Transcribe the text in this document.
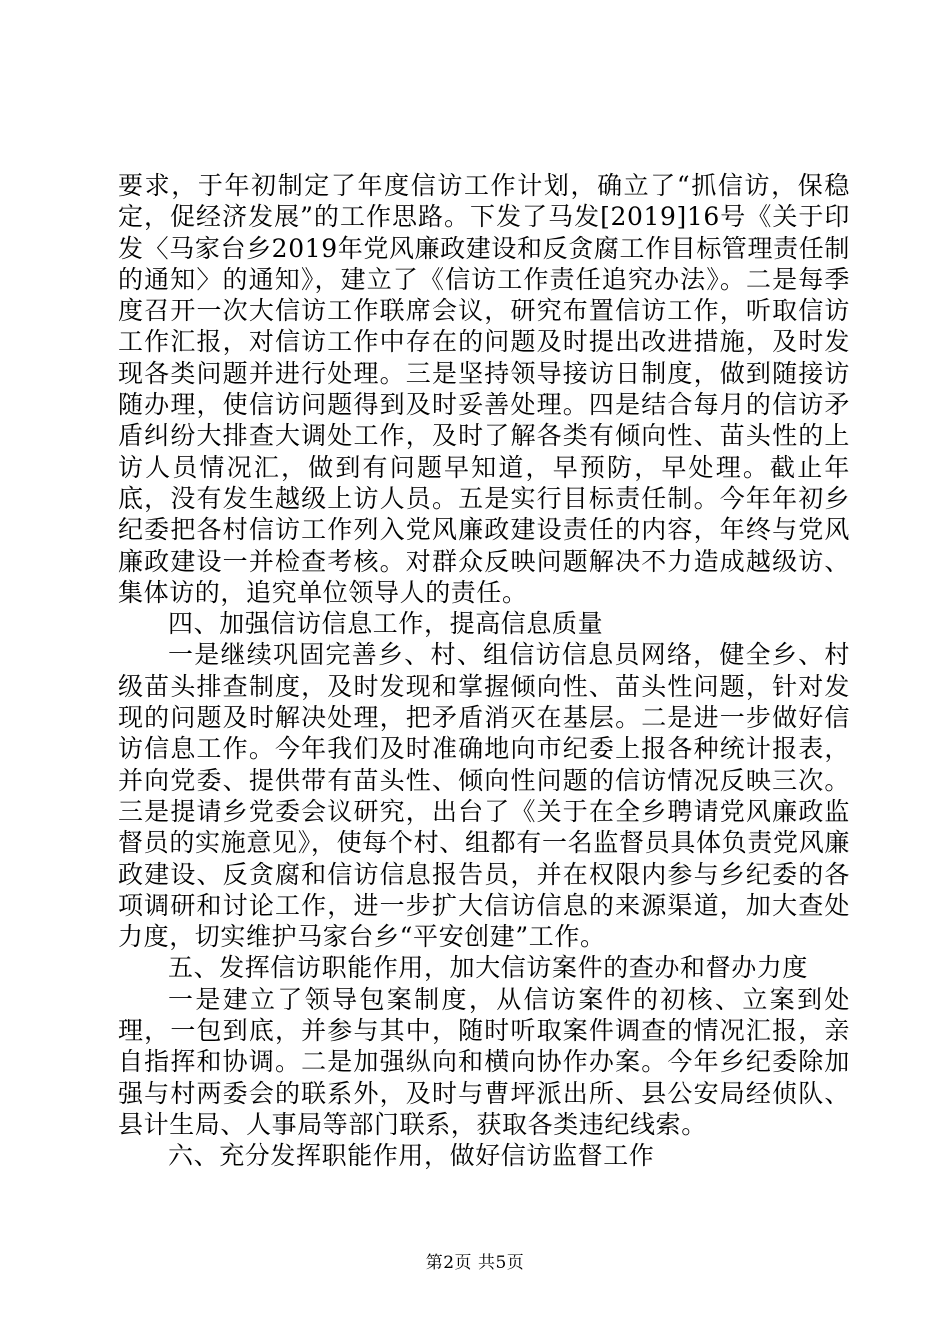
要求，于年初制定了年度信访工作计划，确立了“抓信访，保稳定，促经济发展”的工作思路。下发了马发[2019]16号《关于印发〈马家台乡2019年党风廉政建设和反贪腐工作目标管理责任制的通知〉的通知》，建立了《信访工作责任追究办法》。二是每季度召开一次大信访工作联席会议，研究布置信访工作，听取信访工作汇报，对信访工作中存在的问题及时提出改进措施，及时发现各类问题并进行处理。三是坚持领导接访日制度，做到随接访随办理，使信访问题得到及时妥善处理。四是结合每月的信访矛盾纠纷大排查大调处工作，及时了解各类有倾向性、苗头性的上访人员情况汇，做到有问题早知道，早预防，早处理。截止年底，没有发生越级上访人员。五是实行目标责任制。今年年初乡纪委把各村信访工作列入党风廉政建设责任的内容，年终与党风廉政建设一并检查考核。对群众反映问题解决不力造成越级访、集体访的，追究单位领导人的责任。

四、加强信访信息工作，提高信息质量

一是继续巩固完善乡、村、组信访信息员网络，健全乡、村级苗头排查制度，及时发现和掌握倾向性、苗头性问题，针对发现的问题及时解决处理，把矛盾消灭在基层。二是进一步做好信访信息工作。今年我们及时准确地向市纪委上报各种统计报表，并向党委、提供带有苗头性、倾向性问题的信访情况反映三次。三是提请乡党委会议研究，出台了《关于在全乡聘请党风廉政监督员的实施意见》，使每个村、组都有一名监督员具体负责党风廉政建设、反贪腐和信访信息报告员，并在权限内参与乡纪委的各项调研和讨论工作，进一步扩大信访信息的来源渠道，加大查处力度，切实维护马家台乡“平安创建”工作。

五、发挥信访职能作用，加大信访案件的查办和督办力度

一是建立了领导包案制度，从信访案件的初核、立案到处理，一包到底，并参与其中，随时听取案件调查的情况汇报，亲自指挥和协调。二是加强纵向和横向协作办案。今年乡纪委除加强与村两委会的联系外，及时与曹坪派出所、县公安局经侦队、县计生局、人事局等部门联系，获取各类违纪线索。

六、充分发挥职能作用，做好信访监督工作

第2页 共5页
